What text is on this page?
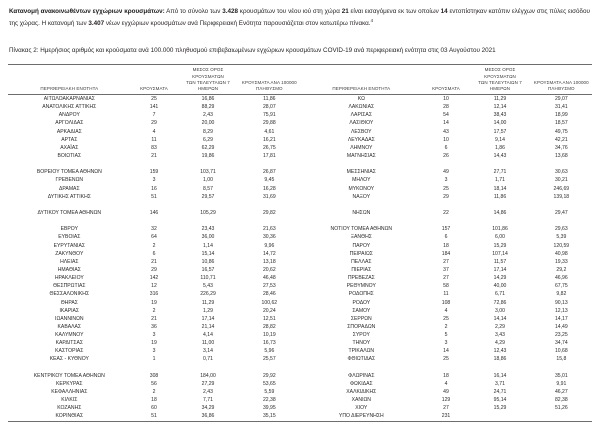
Κατανομή ανακοινωθέντων εγχώριων κρουσμάτων: Από το σύνολο των 3.428 κρουσμάτων του νέου ιού στη χώρα 21 είναι εισαγόμενα εκ των οποίων 14 εντοπίστηκαν κατόπιν ελέγχων στις πύλες εισόδου της χώρας. Η κατανομή των 3.407 νέων εγχώριων κρουσμάτων ανά Περιφερειακή Ενότητα παρουσιάζεται στον κατωτέρω πίνακα.$^4$

Πίνακας 2: Ημερήσιος αριθμός και κρούσματα ανά 100.000 πληθυσμού επιβεβαιωμένων εγχώριων κρουσμάτων COVID-19 ανά περιφερειακή ενότητα στις 03 Αυγούστου 2021

ΠΕΡΙΦΕΡΕΙΑΚΗ ΕΝΟΤΗΤΑ	ΚΡΟΥΣΜΑΤΑ	
ΜΕΣΟΣ ΟΡΟΣ ΚΡΟΥΣΜΑΤΩΝ
ΤΩΝ ΤΕΛΕΥΤΑΙΩΝ 7
ΗΜΕΡΩΝ

ΚΡΟΥΣΜΑΤΑ ΑΝΑ 100000
ΠΛΗΘΥΣΜΟ

ΑΙΤΩΛΟΑΚΑΡΝΑΝΙΑΣ	25	16,86	11,86
ΑΝΑΤΟΛΙΚΗΣ ΑΤΤΙΚΗΣ	141	88,29	28,07
ΑΝΔΡΟΥ	7	2,43	75,91
ΑΡΓΟΛΙΔΑΣ	29	20,00	29,88
ΑΡΚΑΔΙΑΣ	4	8,29	4,61
ΑΡΤΑΣ	11	6,29	16,21
ΑΧΑΪΑΣ	83	62,29	26,75
ΒΟΙΩΤΙΑΣ	21	19,86	17,81

ΒΟΡΕΙΟΥ ΤΟΜΕΑ ΑΘΗΝΩΝ	159	103,71	26,87
ΓΡΕΒΕΝΩΝ	3	1,00	9,45
ΔΡΑΜΑΣ	16	8,57	16,28
ΔΥΤΙΚΗΣ ΑΤΤΙΚΗΣ	51	29,57	31,69

ΔΥΤΙΚΟΥ ΤΟΜΕΑ ΑΘΗΝΩΝ	146	105,29	29,82

ΕΒΡΟΥ	32	23,43	21,63
ΕΥΒΟΙΑΣ	64	36,00	30,36
ΕΥΡΥΤΑΝΙΑΣ	2	1,14	9,96
ΖΑΚΥΝΘΟΥ	6	15,14	14,72
ΗΛΕΙΑΣ	21	10,86	13,18
ΗΜΑΘΙΑΣ	29	16,57	20,62
ΗΡΑΚΛΕΙΟΥ	142	110,71	46,48
ΘΕΣΠΡΩΤΙΑΣ	12	5,43	27,53
ΘΕΣΣΑΛΟΝΙΚΗΣ	316	226,29	28,46
ΘΗΡΑΣ	19	11,29	100,62
ΙΚΑΡΙΑΣ	2	1,29	20,24
ΙΩΑΝΝΙΝΩΝ	21	17,14	12,51
ΚΑΒΑΛΑΣ	36	21,14	28,82
ΚΑΛΥΜΝΟΥ	3	4,14	10,19
ΚΑΡΔΙΤΣΑΣ	19	11,00	16,73
ΚΑΣΤΟΡΙΑΣ	3	3,14	5,96
ΚΕΑΣ - ΚΥΘΝΟΥ	1	0,71	25,57

ΚΕΝΤΡΙΚΟΥ ΤΟΜΕΑ ΑΘΗΝΩΝ	308	184,00	29,92
ΚΕΡΚΥΡΑΣ	56	27,29	53,65
ΚΕΦΑΛΛΗΝΙΑΣ	2	2,43	5,59
ΚΙΛΚΙΣ	18	7,71	22,38
ΚΟΖΑΝΗΣ	60	34,29	39,95
ΚΟΡΙΝΘΙΑΣ	51	36,86	35,15

ΠΕΡΙΦΕΡΕΙΑΚΗ ΕΝΟΤΗΤΑ	ΚΡΟΥΣΜΑΤΑ	
ΜΕΣΟΣ ΟΡΟΣ ΚΡΟΥΣΜΑΤΩΝ
ΤΩΝ ΤΕΛΕΥΤΑΙΩΝ 7
ΗΜΕΡΩΝ

ΚΡΟΥΣΜΑΤΑ ΑΝΑ 100000
ΠΛΗΘΥΣΜΟ

ΚΩ	10	11,29	29,07
ΛΑΚΩΝΙΑΣ	28	12,14	31,41
ΛΑΡΙΣΑΣ	54	38,43	18,99
ΛΑΣΙΘΙΟΥ	14	14,00	18,57
ΛΕΣΒΟΥ	43	17,57	49,75
ΛΕΥΚΑΔΑΣ	10	9,14	42,21
ΛΗΜΝΟΥ	6	1,86	34,76
ΜΑΓΝΗΣΙΑΣ	26	14,43	13,68

ΜΕΣΣΗΝΙΑΣ	49	27,71	30,63
ΜΗΛΟΥ	3	1,71	30,21
ΜΥΚΟΝΟΥ	25	18,14	246,69
ΝΑΞΟΥ	29	11,86	139,18

ΝΗΣΩΝ	22	14,86	29,47

ΝΟΤΙΟΥ ΤΟΜΕΑ ΑΘΗΝΩΝ	157	101,86	29,63
ΞΑΝΘΗΣ	6	6,00	5,39
ΠΑΡΟΥ	18	15,29	120,59
ΠΕΙΡΑΙΩΣ	184	107,14	40,98
ΠΕΛΛΑΣ	27	11,57	19,33
ΠΙΕΡΙΑΣ	37	17,14	29,2
ΠΡΕΒΕΖΑΣ	27	14,29	46,96
ΡΕΘΥΜΝΟΥ	58	40,00	67,75
ΡΟΔΟΠΗΣ	11	6,71	9,82
ΡΟΔΟΥ	108	72,86	90,13
ΣΑΜΟΥ	4	3,00	12,13
ΣΕΡΡΩΝ	25	14,14	14,17
ΣΠΟΡΑΔΩΝ	2	2,29	14,49
ΣΥΡΟΥ	5	3,43	23,25
ΤΗΝΟΥ	3	4,29	34,74
ΤΡΙΚΑΛΩΝ	14	12,43	10,68
ΦΘΙΩΤΙΔΑΣ	25	18,86	15,8

ΦΛΩΡΙΝΑΣ	18	16,14	35,01
ΦΩΚΙΔΑΣ	4	3,71	9,91
ΧΑΛΚΙΔΙΚΗΣ	49	24,71	46,27
ΧΑΝΙΩΝ	129	95,14	82,38
ΧΙΟΥ	27	15,29	51,26
ΥΠΟ ΔΙΕΡΕΥΝΗΣΗ	231		
